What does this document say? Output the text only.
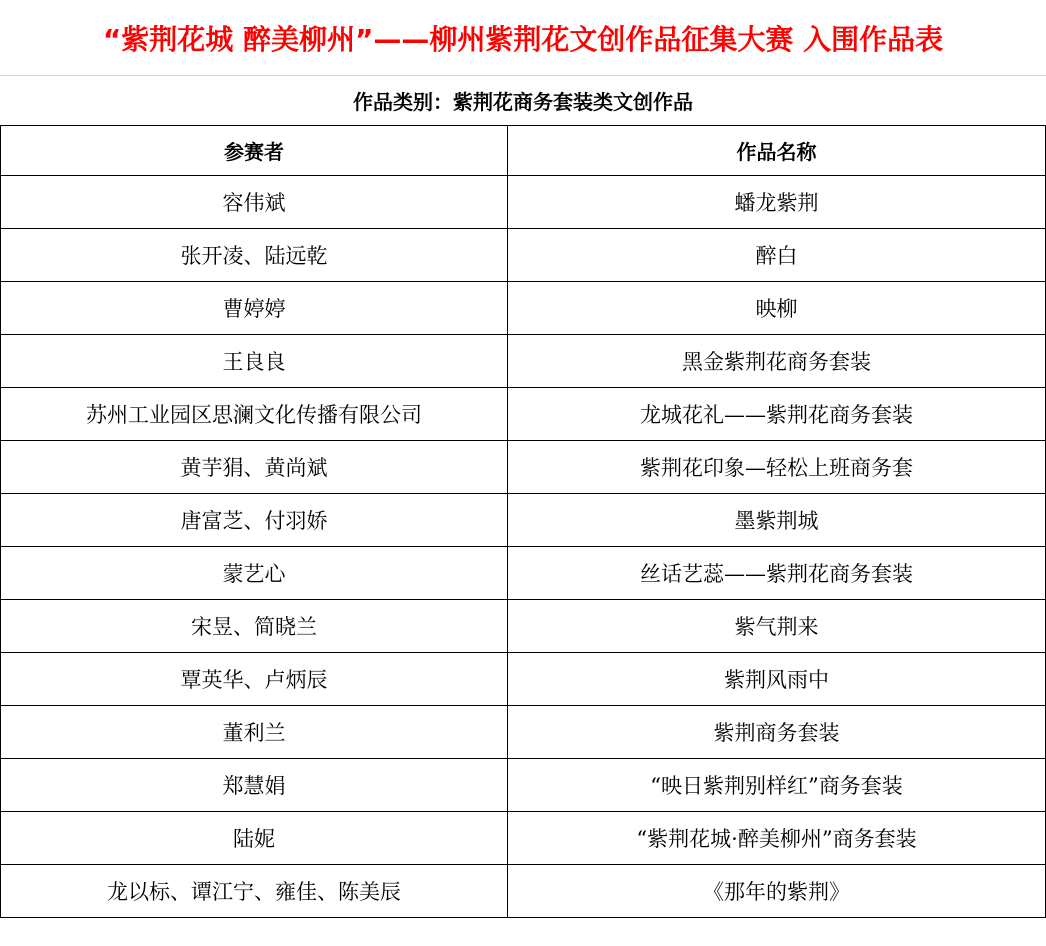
“紫荆花城 醉美柳州”——柳州紫荆花文创作品征集大赛 入围作品表
作品类别：紫荆花商务套装类文创作品
参赛者	作品名称
容伟斌	蟠龙紫荆
张开凌、陆远乾	醉白
曹婷婷	映柳
王良良	黑金紫荆花商务套装
苏州工业园区思澜文化传播有限公司	龙城花礼——紫荆花商务套装
黄芋狷、黄尚斌	紫荆花印象—轻松上班商务套
唐富芝、付羽娇	墨紫荆城
蒙艺心	丝话艺蕊——紫荆花商务套装
宋昱、简晓兰	紫气荆来
覃英华、卢炳辰	紫荆风雨中
董利兰	紫荆商务套装
郑慧娟	“映日紫荆别样红”商务套装
陆妮	“紫荆花城·醉美柳州”商务套装
龙以标、谭江宁、雍佳、陈美辰	《那年的紫荆》
